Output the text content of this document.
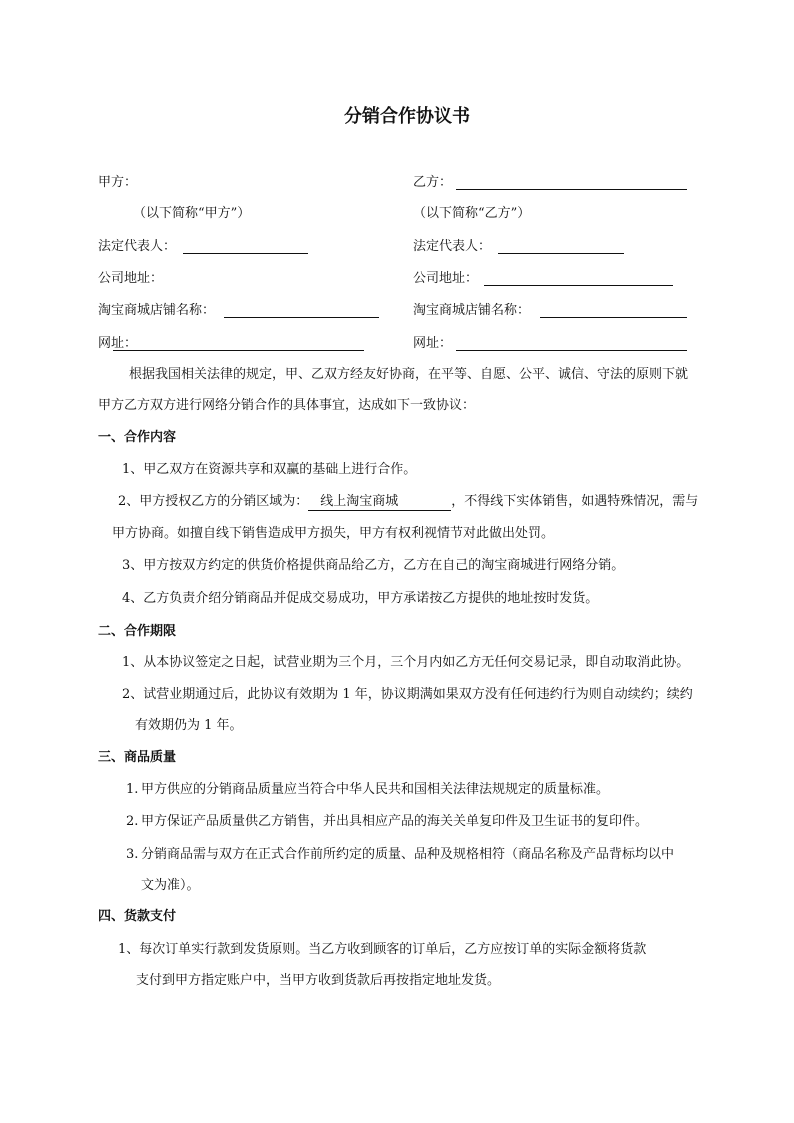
分销合作协议书
甲方：	乙方：
（以下简称“甲方”）	（以下简称“乙方”）
法定代表人：	法定代表人：
公司地址：	公司地址：
淘宝商城店铺名称：	淘宝商城店铺名称：
网址：	网址：
根据我国相关法律的规定，甲、乙双方经友好协商，在平等、自愿、公平、诚信、守法的原则下就
甲方乙方双方进行网络分销合作的具体事宜，达成如下一致协议：
一、合作内容
1、甲乙双方在资源共享和双赢的基础上进行合作。
2、甲方授权乙方的分销区域为： 线上淘宝商城	，不得线下实体销售，如遇特殊情况，需与
甲方协商。如擅自线下销售造成甲方损失，甲方有权利视情节对此做出处罚。
3、甲方按双方约定的供货价格提供商品给乙方，乙方在自己的淘宝商城进行网络分销。
4、乙方负责介绍分销商品并促成交易成功，甲方承诺按乙方提供的地址按时发货。
二、合作期限
1、从本协议签定之日起，试营业期为三个月，三个月内如乙方无任何交易记录，即自动取消此协。
2、试营业期通过后，此协议有效期为 1 年，协议期满如果双方没有任何违约行为则自动续约；续约
有效期仍为 1 年。
三、商品质量
1. 甲方供应的分销商品质量应当符合中华人民共和国相关法律法规规定的质量标准。
2. 甲方保证产品质量供乙方销售，并出具相应产品的海关关单复印件及卫生证书的复印件。
3. 分销商品需与双方在正式合作前所约定的质量、品种及规格相符（商品名称及产品背标均以中
文为准）。
四、货款支付
1、每次订单实行款到发货原则。当乙方收到顾客的订单后，乙方应按订单的实际金额将货款
支付到甲方指定账户中，当甲方收到货款后再按指定地址发货。
